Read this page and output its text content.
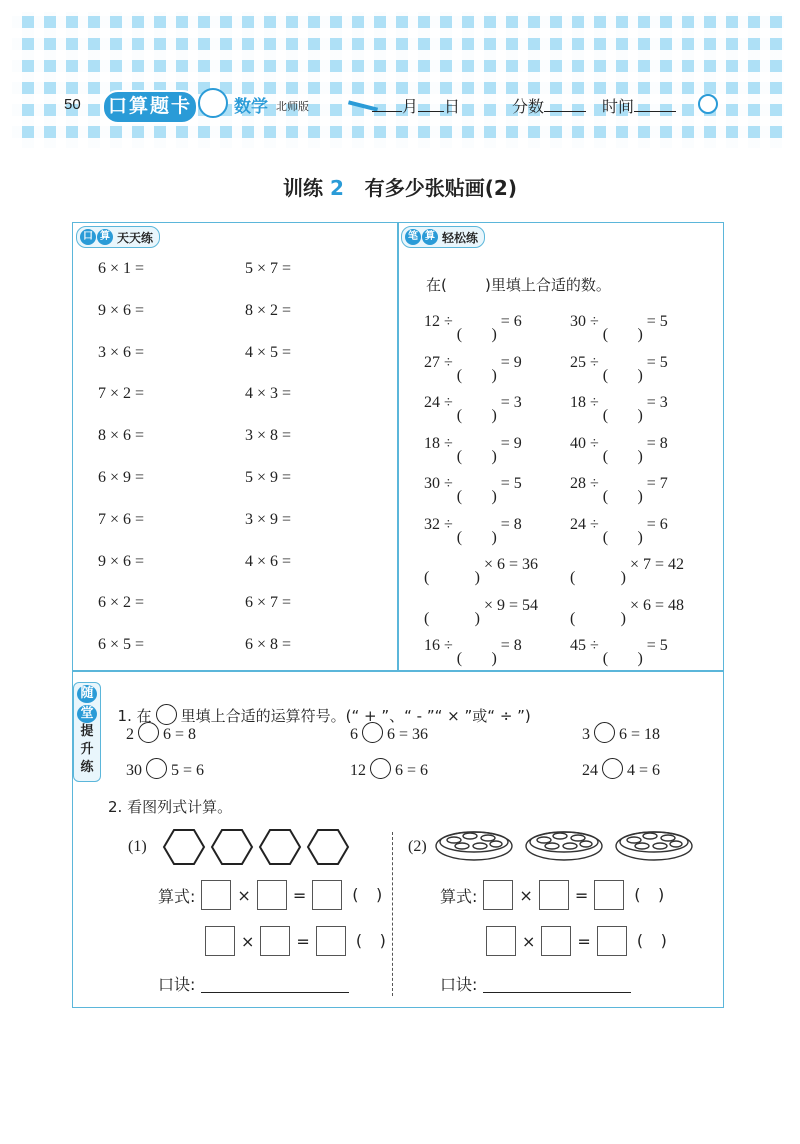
50	口算题卡	数学 北师版	月 日	分数	时间
训练 2 有多少张贴画(2)
口 算 天天练
6 × 1 =	5 × 7 =
9 × 6 =	8 × 2 =
3 × 6 =	4 × 5 =
7 × 2 =	4 × 3 =
8 × 6 =	3 × 8 =
6 × 9 =	5 × 9 =
7 × 6 =	3 × 9 =
9 × 6 =	4 × 6 =
6 × 2 =	6 × 7 =
6 × 5 =	6 × 8 =
笔 算 轻松练
在(        )里填上合适的数。
12 ÷	= 6	30 ÷	= 5
27 ÷	= 9	25 ÷	= 5
24 ÷	= 3	18 ÷	= 3
18 ÷	= 9	40 ÷	= 8
30 ÷	= 5	28 ÷	= 7
32 ÷	= 8	24 ÷	= 6
× 6 = 36	× 7 = 42
× 9 = 54	× 6 = 48
16 ÷	= 8	45 ÷	= 5
随
堂
提
升
练

1. 在 里填上合适的运算符号。(“ + ”、“ - ”“ × ”或“ ÷ ”)

2 6 = 8	6 6 = 36	3 6 = 18
30 5 = 6	12 6 = 6	24 4 = 6
2. 看图列式计算。
(1)	(2)
算式:	×	=
×	=
口诀:
算式:	×	=
×	=
口诀:
